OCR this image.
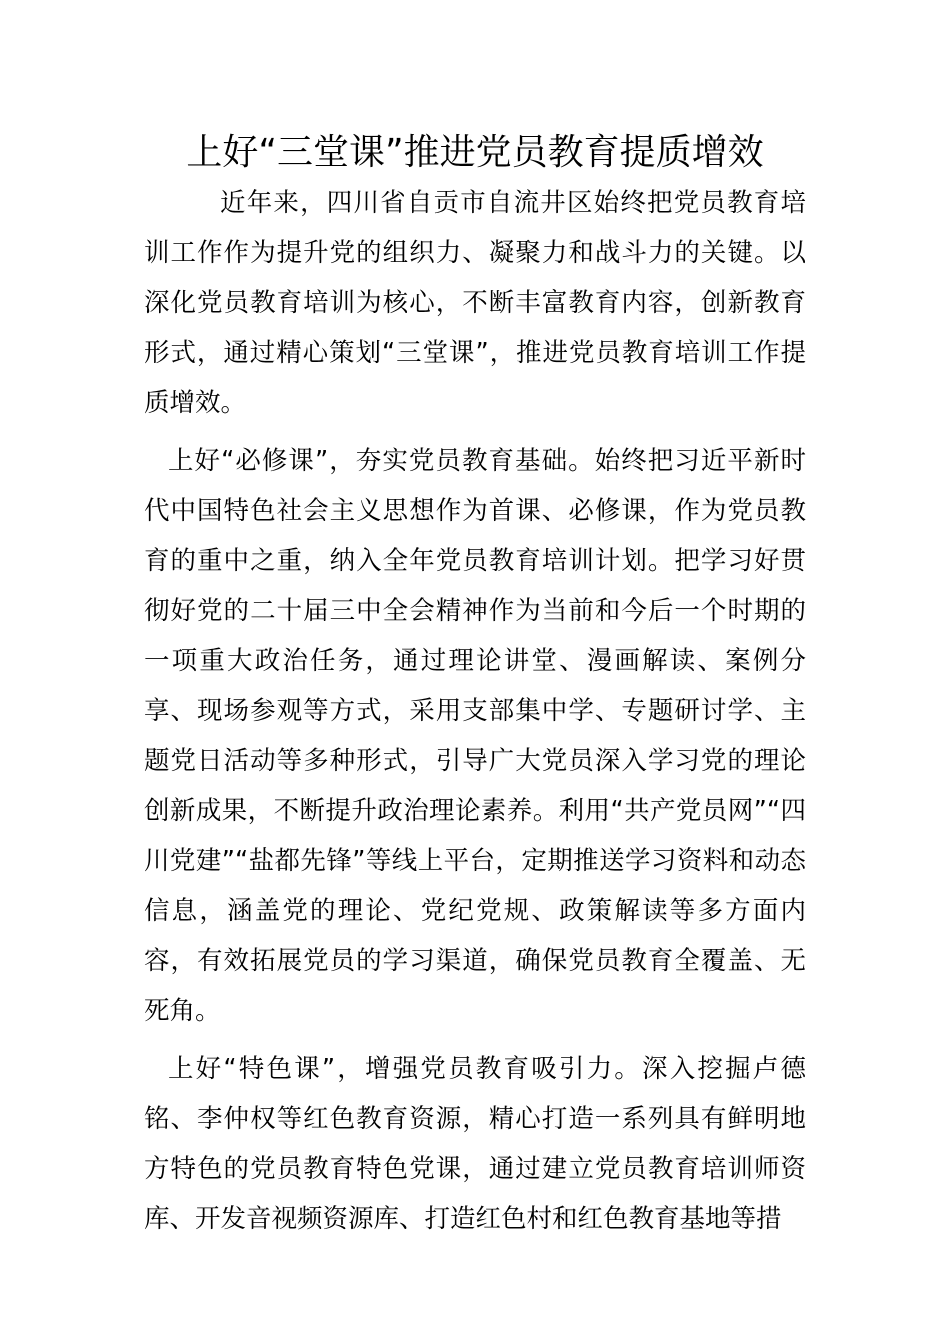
上好“三堂课”推进党员教育提质增效

近年来，四川省自贡市自流井区始终把党员教育培训工作作为提升党的组织力、凝聚力和战斗力的关键。以深化党员教育培训为核心，不断丰富教育内容，创新教育形式，通过精心策划“三堂课”，推进党员教育培训工作提质增效。

上好“必修课”，夯实党员教育基础。始终把习近平新时代中国特色社会主义思想作为首课、必修课，作为党员教育的重中之重，纳入全年党员教育培训计划。把学习好贯彻好党的二十届三中全会精神作为当前和今后一个时期的一项重大政治任务，通过理论讲堂、漫画解读、案例分享、现场参观等方式，采用支部集中学、专题研讨学、主题党日活动等多种形式，引导广大党员深入学习党的理论创新成果，不断提升政治理论素养。利用“共产党员网”“四川党建”“盐都先锋”等线上平台，定期推送学习资料和动态信息，涵盖党的理论、党纪党规、政策解读等多方面内容，有效拓展党员的学习渠道，确保党员教育全覆盖、无死角。

上好“特色课”，增强党员教育吸引力。深入挖掘卢德铭、李仲权等红色教育资源，精心打造一系列具有鲜明地方特色的党员教育特色党课，通过建立党员教育培训师资库、开发音视频资源库、打造红色村和红色教育基地等措
